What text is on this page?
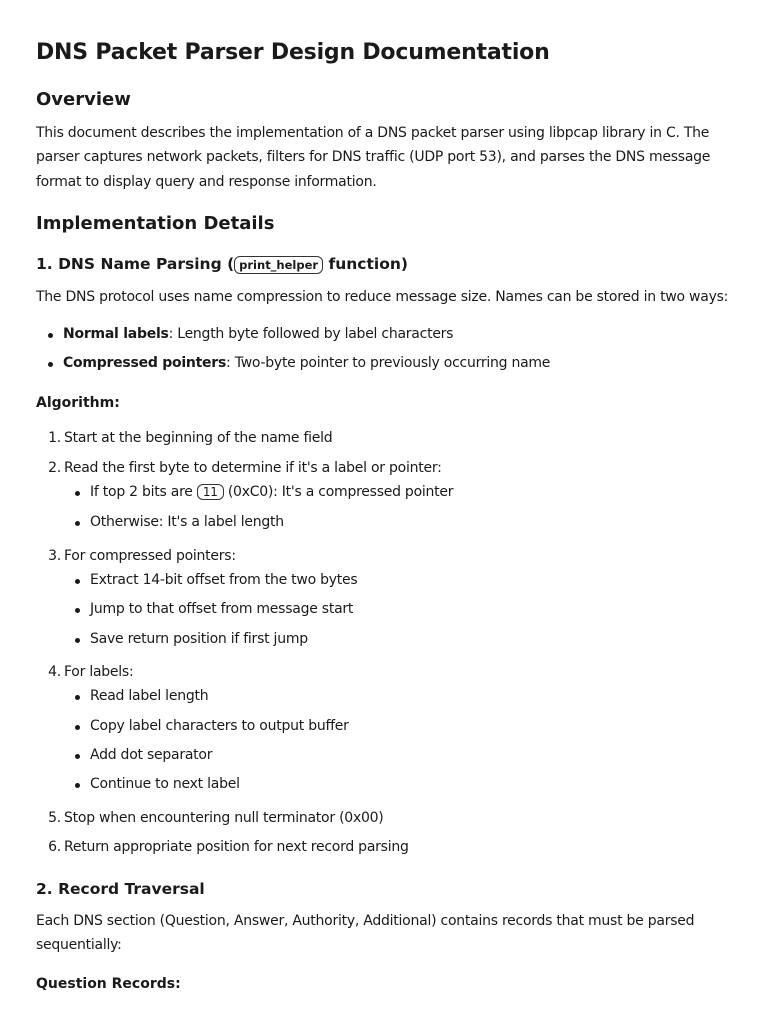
DNS Packet Parser Design Documentation
Overview
This document describes the implementation of a DNS packet parser using libpcap library in C. The
parser captures network packets, filters for DNS traffic (UDP port 53), and parses the DNS message
format to display query and response information.
Implementation Details
1. DNS Name Parsing ( print_helper function)
The DNS protocol uses name compression to reduce message size. Names can be stored in two ways:
Normal labels: Length byte followed by label characters
Compressed pointers: Two-byte pointer to previously occurring name
Algorithm:
1. Start at the beginning of the name field
2. Read the first byte to determine if it's a label or pointer:
If top 2 bits are 11 (0xC0): It's a compressed pointer
Otherwise: It's a label length
3. For compressed pointers:
Extract 14-bit offset from the two bytes
Jump to that offset from message start
Save return position if first jump
4. For labels:
Read label length
Copy label characters to output buffer
Add dot separator
Continue to next label
5. Stop when encountering null terminator (0x00)
6. Return appropriate position for next record parsing
2. Record Traversal
Each DNS section (Question, Answer, Authority, Additional) contains records that must be parsed
sequentially:
Question Records:
